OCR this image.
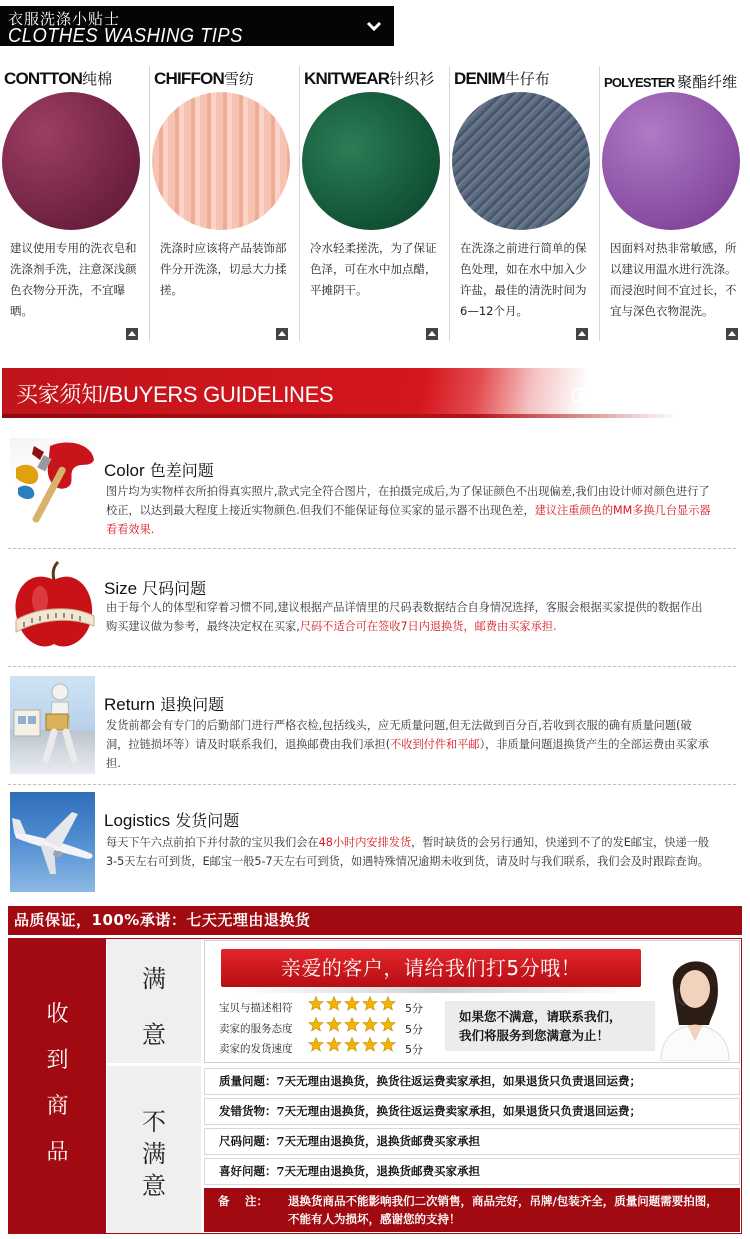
衣服洗涤小贴士
CLOTHES WASHING TIPS
CONTTON纯棉
建议使用专用的洗衣皂和洗涤剂手洗，注意深浅颜色衣物分开洗，不宜曝晒。
CHIFFON雪纺
洗涤时应该将产品装饰部件分开洗涤，切忌大力揉搓。
KNITWEAR针织衫
冷水轻柔搓洗，为了保证色泽，可在水中加点醋，平摊阴干。
DENIM牛仔布
在洗涤之前进行简单的保色处理，如在水中加入少许盐，最佳的清洗时间为6—12个月。
POLYESTER 聚酯纤维
因面料对热非常敏感，所以建议用温水进行洗涤。而浸泡时间不宜过长，不宜与深色衣物混洗。
买家须知/BUYERS GUIDELINES	实物拍摄
Color 色差问题
图片均为实物样衣所拍得真实照片,款式完全符合图片，在拍摄完成后,为了保证颜色不出现偏差,我们由设计师对颜色进行了校正，以达到最大程度上接近实物颜色.但我们不能保证每位买家的显示器不出现色差，建议注重颜色的MM多换几台显示器看看效果.
Size 尺码问题
由于每个人的体型和穿着习惯不同,建议根据产品详情里的尺码表数据结合自身情况选择，客服会根据买家提供的数据作出购买建议做为参考，最终决定权在买家,尺码不适合可在签收7日内退换货，邮费由买家承担.
Return 退换问题
发货前都会有专门的后勤部门进行严格衣检,包括线头，应无质量问题,但无法做到百分百,若收到衣服的确有质量问题(破洞，拉链损坏等）请及时联系我们，退换邮费由我们承担(不收到付件和平邮），非质量问题退换货产生的全部运费由买家承担.
Logistics 发货问题
每天下午六点前拍下并付款的宝贝我们会在48小时内安排发货，暂时缺货的会另行通知，快递到不了的发E邮宝，快递一般3-5天左右可到货，E邮宝一般5-7天左右可到货，如遇特殊情况逾期未收到货，请及时与我们联系，我们会及时跟踪查询。
品质保证，100%承诺：七天无理由退换货
收
到
商
品
满
意
不
满
意
亲爱的客户，请给我们打5分哦！
宝贝与描述相符	5分
卖家的服务态度	5分
卖家的发货速度	5分
如果您不满意，请联系我们，
我们将服务到您满意为止！
质量问题：7天无理由退换货，换货往返运费卖家承担，如果退货只负责退回运费；
发错货物：7天无理由退换货，换货往返运费卖家承担，如果退货只负责退回运费；
尺码问题：7天无理由退换货，退换货邮费买家承担
喜好问题：7天无理由退换货，退换货邮费买家承担
备　 注： 退换货商品不能影响我们二次销售，商品完好，吊牌/包装齐全，质量问题需要拍图，不能有人为损坏，感谢您的支持！
